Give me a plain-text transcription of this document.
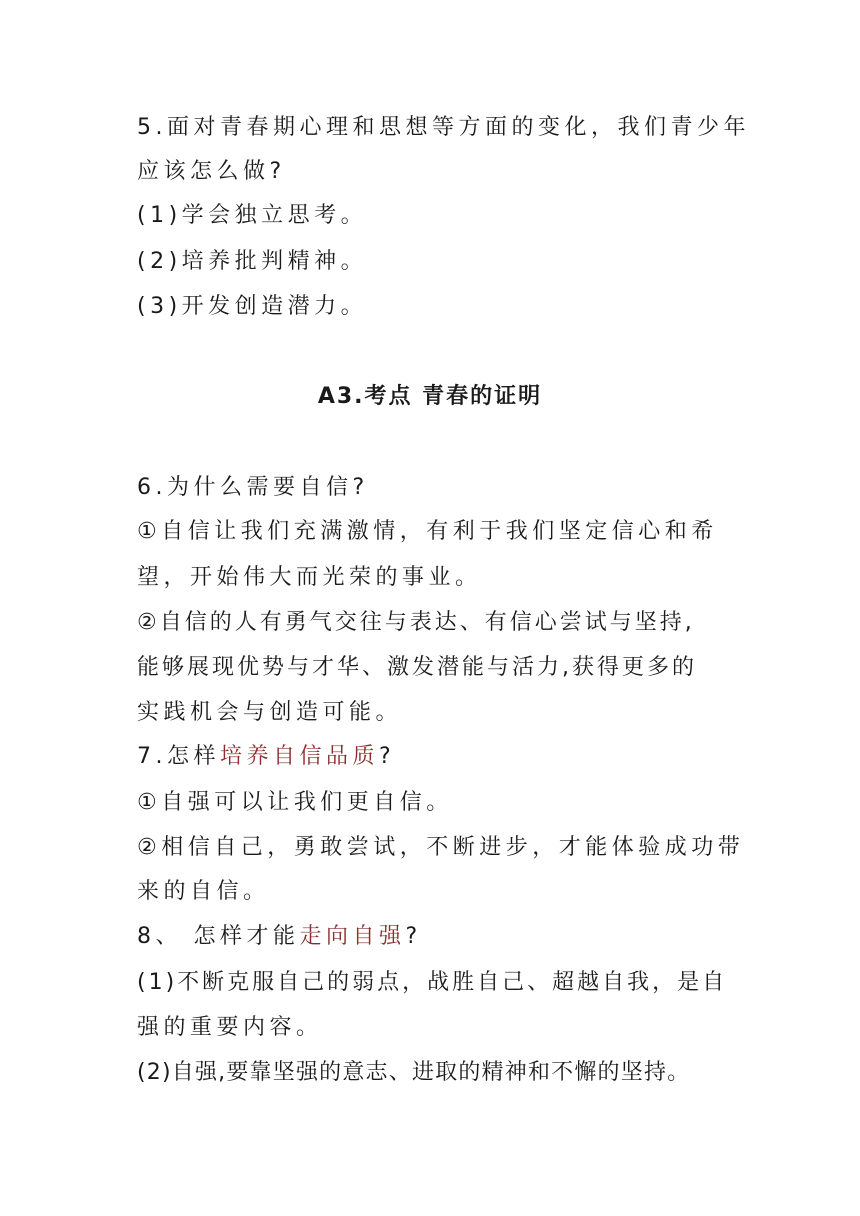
5.面对青春期心理和思想等方面的变化，我们青少年
应该怎么做?
(1)学会独立思考。
(2)培养批判精神。
(3)开发创造潜力。
A3.考点 青春的证明
6.为什么需要自信?
①自信让我们充满激情，有利于我们坚定信心和希
望，开始伟大而光荣的事业。
②自信的人有勇气交往与表达、有信心尝试与坚持,
能够展现优势与才华、激发潜能与活力,获得更多的
实践机会与创造可能。
7.怎样培养自信品质?
①自强可以让我们更自信。
②相信自己，勇敢尝试，不断进步，才能体验成功带
来的自信。
8、 怎样才能走向自强?
(1)不断克服自己的弱点，战胜自己、超越自我，是自
强的重要内容。
(2)自强,要靠坚强的意志、进取的精神和不懈的坚持。
